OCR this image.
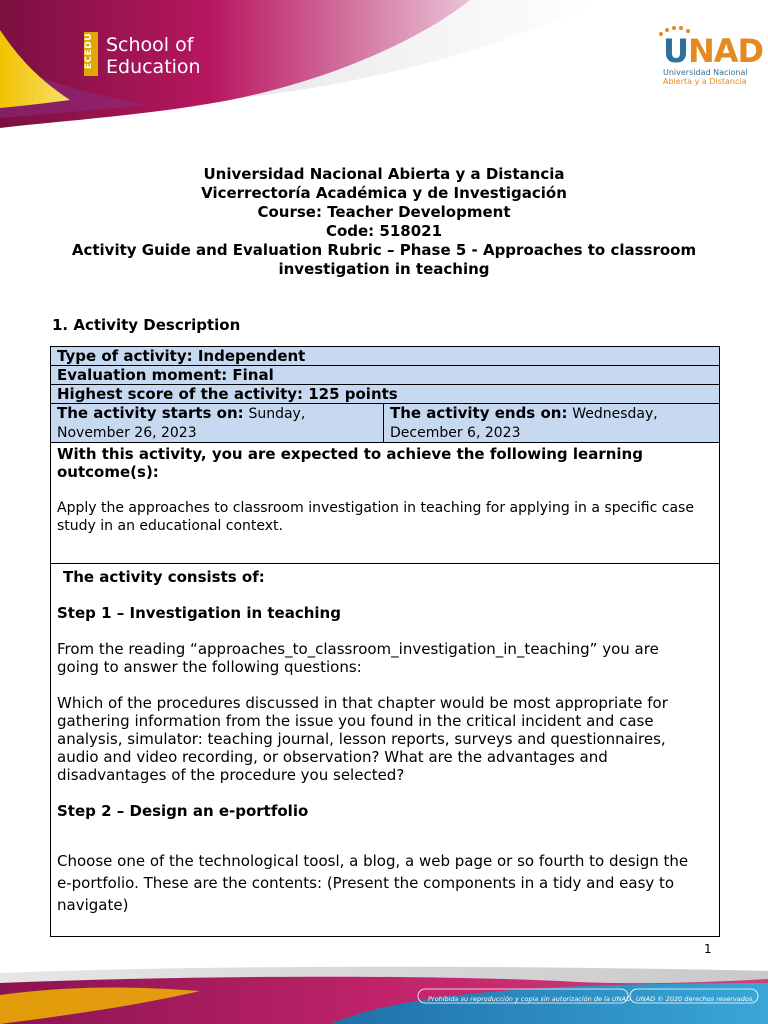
ECEDU School of
Education	UNAD
Universidad Nacional
Abierta y a Distancia
Universidad Nacional Abierta y a Distancia
Vicerrectoría Académica y de Investigación
Course: Teacher Development
Code: 518021
Activity Guide and Evaluation Rubric – Phase 5 - Approaches to classroom
investigation in teaching
1. Activity Description
Type of activity: Independent
Evaluation moment: Final
Highest score of the activity: 125 points
The activity starts on: Sunday,
November 26, 2023	The activity ends on: Wednesday,
December 6, 2023

With this activity, you are expected to achieve the following learning
outcome(s):
Apply the approaches to classroom investigation in teaching for applying in a specific case
study in an educational context.

The activity consists of:
Step 1 – Investigation in teaching
From the reading “approaches_to_classroom_investigation_in_teaching” you are
going to answer the following questions:
Which of the procedures discussed in that chapter would be most appropriate for
gathering information from the issue you found in the critical incident and case
analysis, simulator: teaching journal, lesson reports, surveys and questionnaires,
audio and video recording, or observation? What are the advantages and
disadvantages of the procedure you selected?
Step 2 – Design an e-portfolio
Choose one of the technological toosl, a blog, a web page or so fourth to design the
e-portfolio. These are the contents: (Present the components in a tidy and easy to
navigate)
1
Prohibida su reproducción y copia sin autorización de la UNAD. UNAD © 2020 derechos reservados.
